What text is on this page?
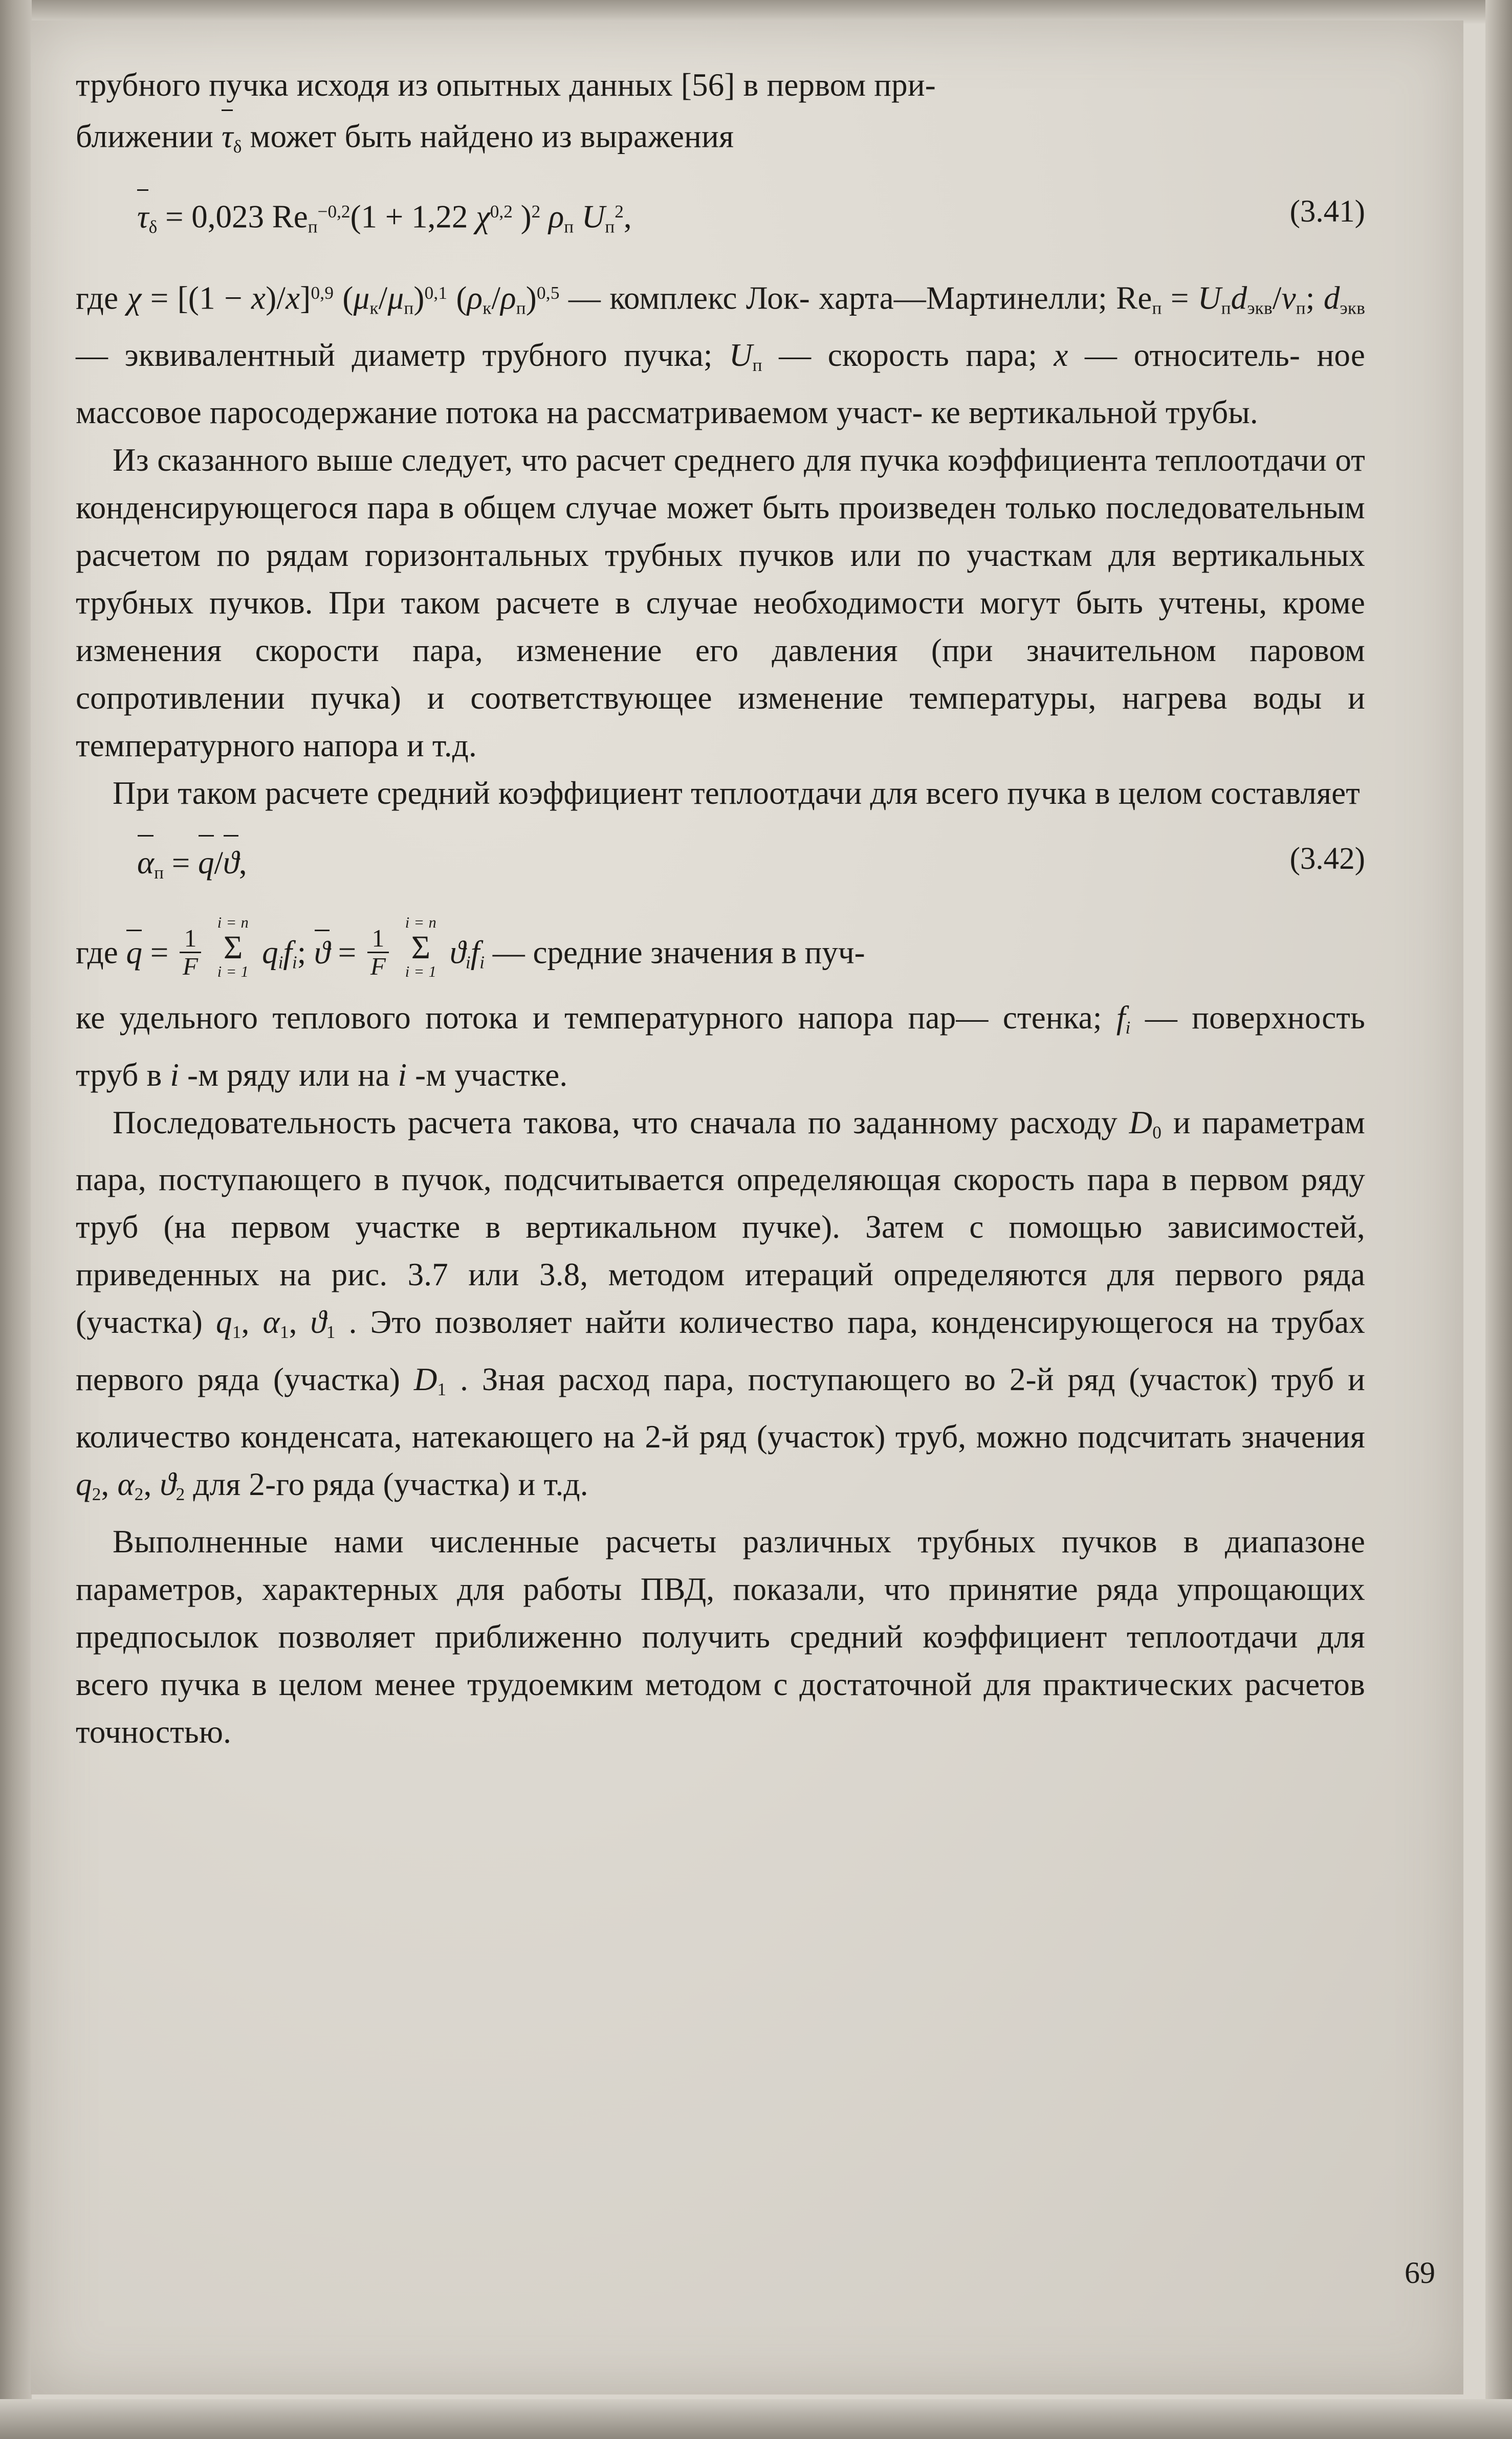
трубного пучка исходя из опытных данных [56] в первом при-
ближении $\tau_\delta$ может быть найдено из выражения

$\tau_\delta = 0,023$ Reп$^{-0,2}$(1 + 1,22 $\chi^{0,2}$ )$^2$ ρп $Uп^2$,	(3.41)

где $\chi = [(1 - x)/x]^{0,9}$ $(\mu к/\mu п)^{0,1}$ $(\rho к/\rho п)^{0,5}$ — комплекс Лок- харта—Мартинелли; Reп = Uпdэкв/νп; dэкв — эквивалентный диаметр трубного пучка; Uп — скорость пара; x — относитель- ное массовое паросодержание потока на рассматриваемом участ- ке вертикальной трубы.

Из сказанного выше следует, что расчет среднего для пучка коэффициента теплоотдачи от конденсирующегося пара в общем случае может быть произведен только последовательным расчетом по рядам горизонтальных трубных пучков или по участкам для вертикальных трубных пучков. При таком расчете в случае необходимости могут быть учтены, кроме изменения скорости пара, изменение его давления (при значительном паровом сопротивлении пучка) и соответствующее изменение температуры, нагрева воды и температурного напора и т.д.

При таком расчете средний коэффициент теплоотдачи для всего пучка в целом составляет

$\alpha_п = q/ϑ$,	(3.42)
где $q = \frac{1}{F}$

i = n
Σ
i = 1
qifi; $ϑ = \frac{1}{F}$

i = n
Σ
i = 1
ϑifi — средние значения в пуч-

ке удельного теплового потока и температурного напора пар— стенка; fi — поверхность труб в i -м ряду или на i -м участке.

Последовательность расчета такова, что сначала по заданному расходу D0 и параметрам пара, поступающего в пучок, подсчитывается определяющая скорость пара в первом ряду труб (на первом участке в вертикальном пучке). Затем с помощью зависимостей, приведенных на рис. 3.7 или 3.8, методом итераций определяются для первого ряда (участка) q1, α1, ϑ1 . Это позволяет найти количество пара, конденсирующегося на трубах первого ряда (участка) D1 . Зная расход пара, поступающего во 2-й ряд (участок) труб и количество конденсата, натекающего на 2-й ряд (участок) труб, можно подсчитать значения q2, α2, ϑ2 для 2-го ряда (участка) и т.д.

Выполненные нами численные расчеты различных трубных пучков в диапазоне параметров, характерных для работы ПВД, показали, что принятие ряда упрощающих предпосылок позволяет приближенно получить средний коэффициент теплоотдачи для всего пучка в целом менее трудоемким методом с достаточной для практических расчетов точностью.

69
